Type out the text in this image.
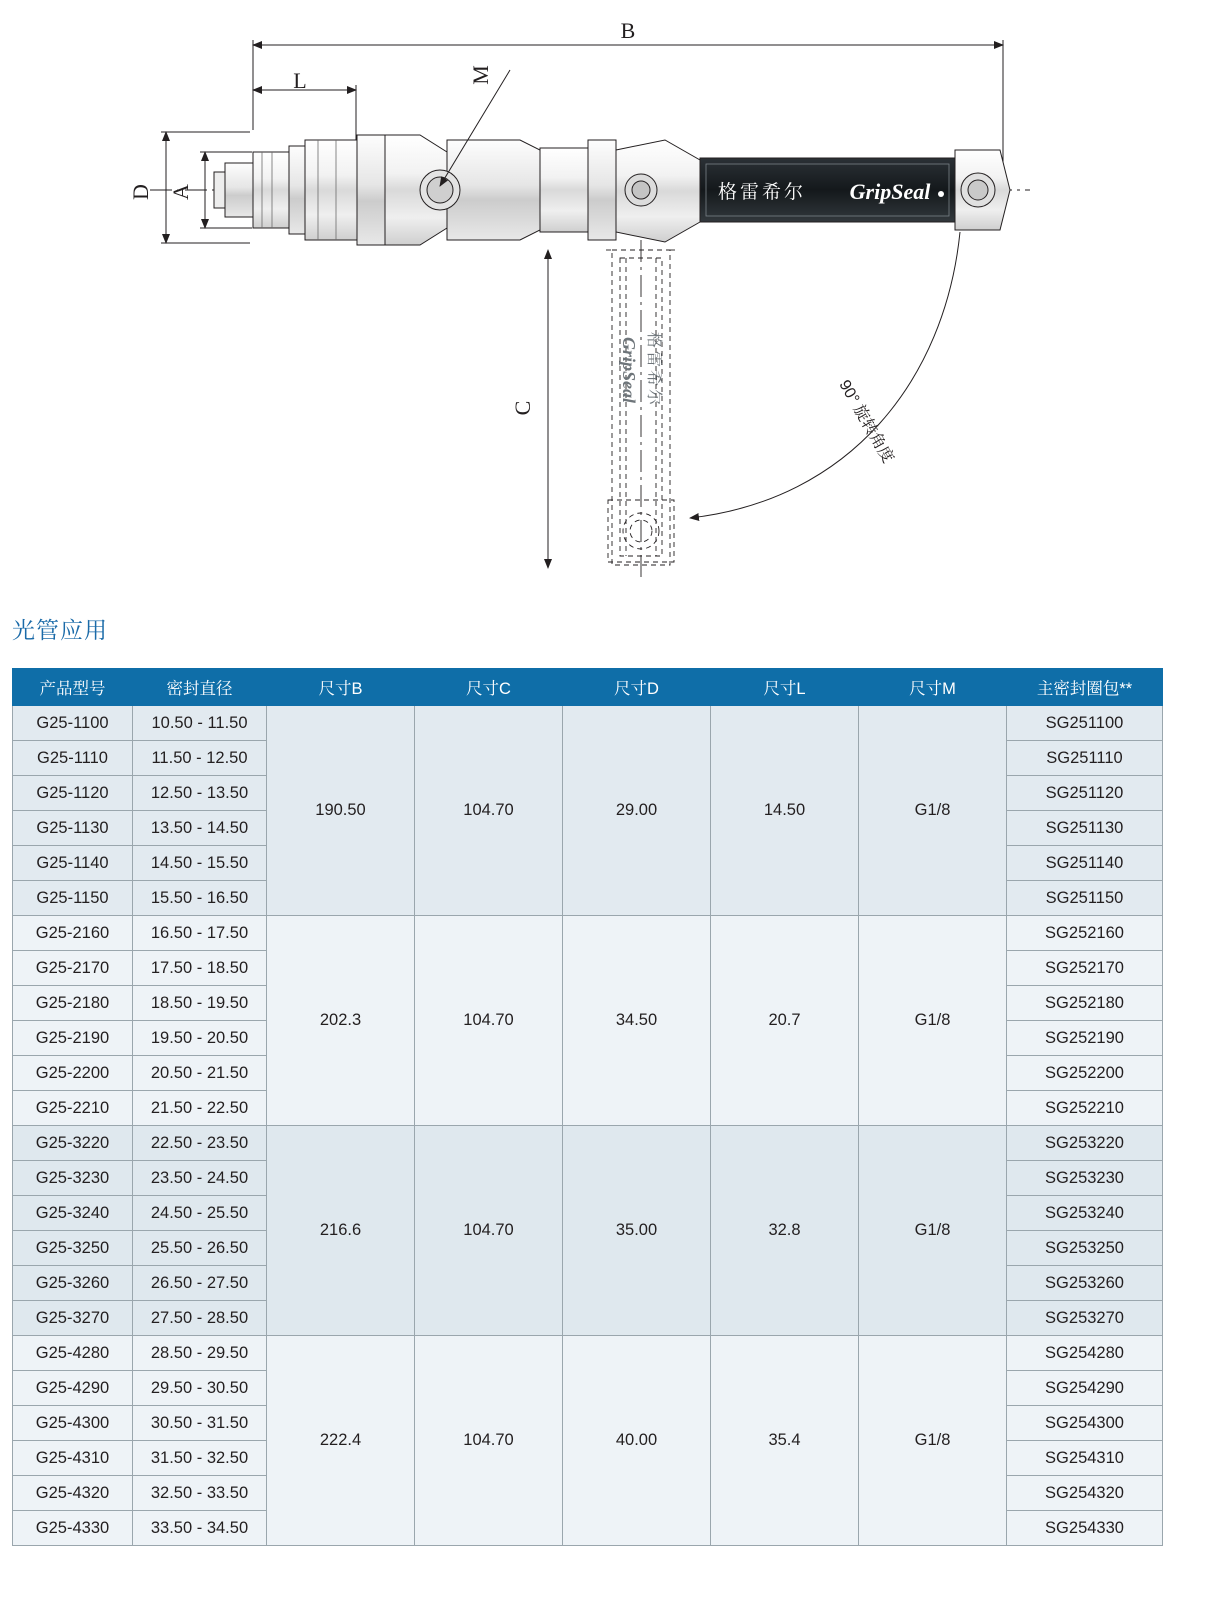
格雷希尔 GripSeal
格雷希尔
GripSeal
B
L	M
D A
C	90° 旋转角度
光管应用
产品型号	密封直径	尺寸B	尺寸C	尺寸D	尺寸L	尺寸M	主密封圈包**
G25-1100	10.50 - 11.50	190.50	104.70	29.00	14.50	G1/8	SG251100
G25-1110	11.50 - 12.50						SG251110
G25-1120	12.50 - 13.50						SG251120
G25-1130	13.50 - 14.50						SG251130
G25-1140	14.50 - 15.50						SG251140
G25-1150	15.50 - 16.50						SG251150
G25-2160	16.50 - 17.50	202.3	104.70	34.50	20.7	G1/8	SG252160
G25-2170	17.50 - 18.50						SG252170
G25-2180	18.50 - 19.50						SG252180
G25-2190	19.50 - 20.50						SG252190
G25-2200	20.50 - 21.50						SG252200
G25-2210	21.50 - 22.50						SG252210
G25-3220	22.50 - 23.50	216.6	104.70	35.00	32.8	G1/8	SG253220
G25-3230	23.50 - 24.50						SG253230
G25-3240	24.50 - 25.50						SG253240
G25-3250	25.50 - 26.50						SG253250
G25-3260	26.50 - 27.50						SG253260
G25-3270	27.50 - 28.50						SG253270
G25-4280	28.50 - 29.50	222.4	104.70	40.00	35.4	G1/8	SG254280
G25-4290	29.50 - 30.50						SG254290
G25-4300	30.50 - 31.50						SG254300
G25-4310	31.50 - 32.50						SG254310
G25-4320	32.50 - 33.50						SG254320
G25-4330	33.50 - 34.50						SG254330
